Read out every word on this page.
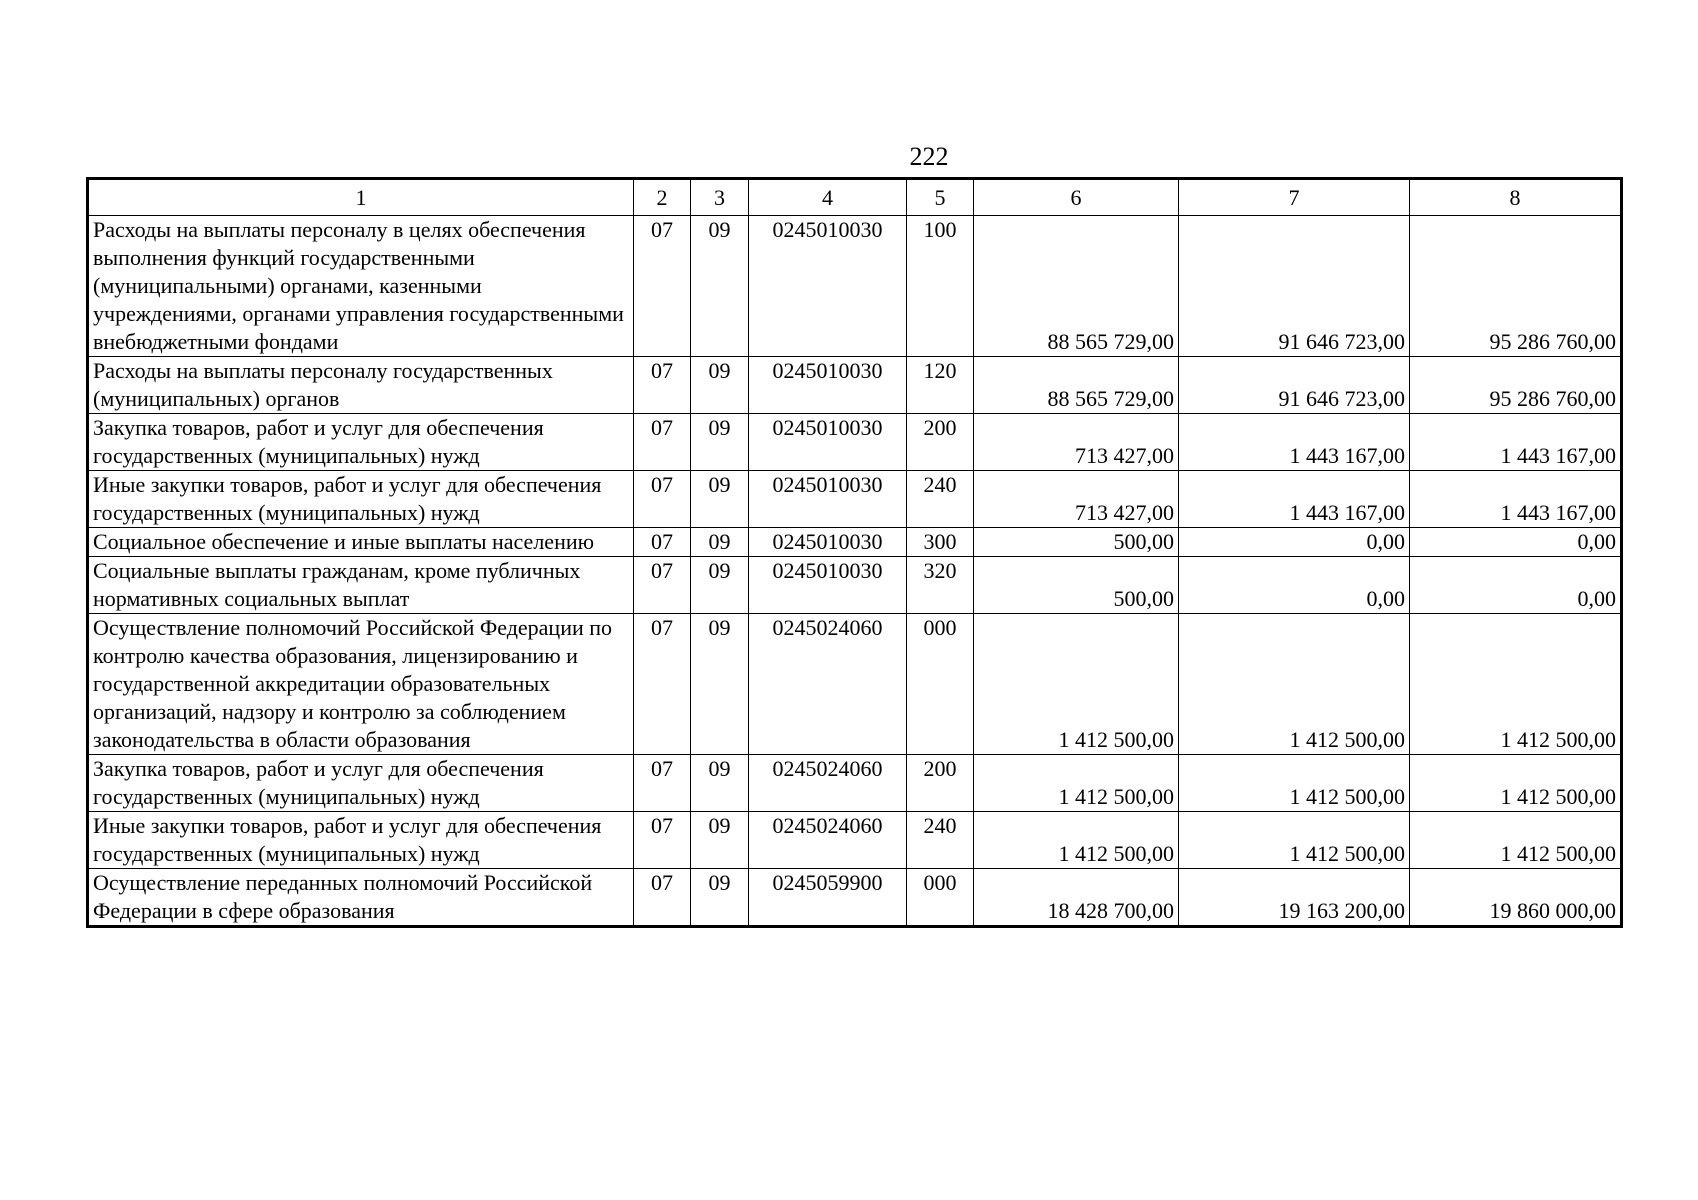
222
1	2	3	4	5	6	7	8
Расходы на выплаты персоналу в целях обеспечения выполнения функций государственными (муниципальными) органами, казенными учреждениями, органами управления государственными внебюджетными фондами	07	09	0245010030	100	88 565 729,00	91 646 723,00	95 286 760,00
Расходы на выплаты персоналу государственных (муниципальных) органов	07	09	0245010030	120	88 565 729,00	91 646 723,00	95 286 760,00
Закупка товаров, работ и услуг для обеспечения государственных (муниципальных) нужд	07	09	0245010030	200	713 427,00	1 443 167,00	1 443 167,00
Иные закупки товаров, работ и услуг для обеспечения государственных (муниципальных) нужд	07	09	0245010030	240	713 427,00	1 443 167,00	1 443 167,00
Социальное обеспечение и иные выплаты населению	07	09	0245010030	300	500,00	0,00	0,00
Социальные выплаты гражданам, кроме публичных нормативных социальных выплат	07	09	0245010030	320	500,00	0,00	0,00
Осуществление полномочий Российской Федерации по контролю качества образования, лицензированию и государственной аккредитации образовательных организаций, надзору и контролю за соблюдением законодательства в области образования	07	09	0245024060	000	1 412 500,00	1 412 500,00	1 412 500,00
Закупка товаров, работ и услуг для обеспечения государственных (муниципальных) нужд	07	09	0245024060	200	1 412 500,00	1 412 500,00	1 412 500,00
Иные закупки товаров, работ и услуг для обеспечения государственных (муниципальных) нужд	07	09	0245024060	240	1 412 500,00	1 412 500,00	1 412 500,00
Осуществление переданных полномочий Российской Федерации в сфере образования	07	09	0245059900	000	18 428 700,00	19 163 200,00	19 860 000,00
